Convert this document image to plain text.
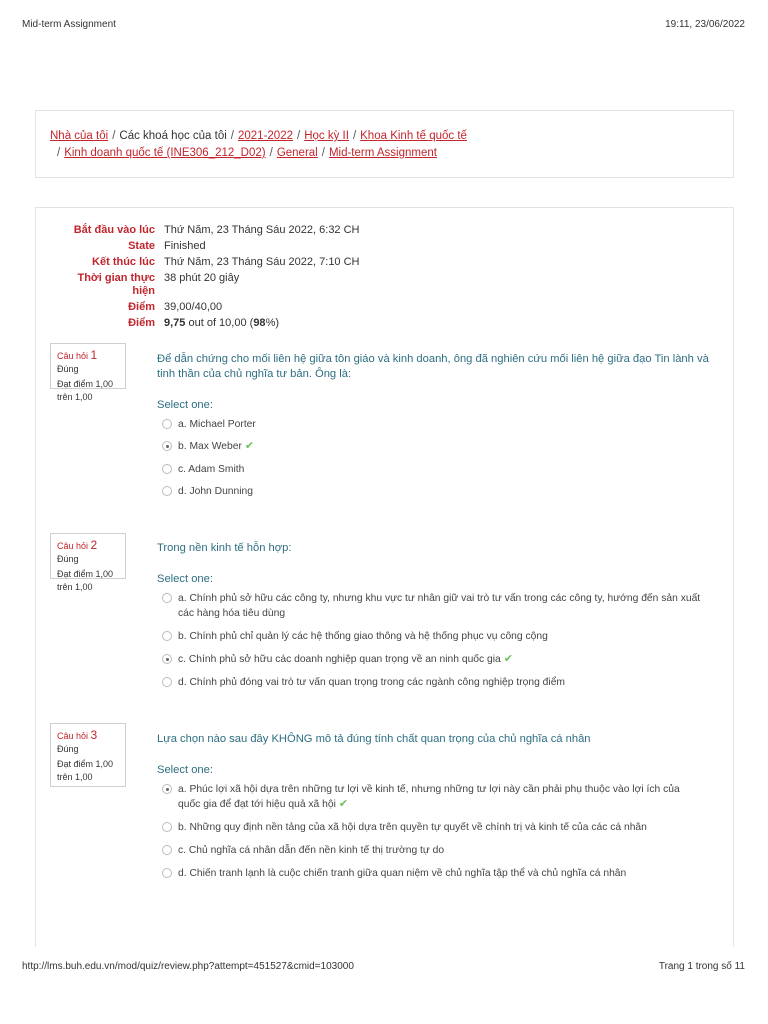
Mid-term Assignment	19:11, 23/06/2022
Nhà của tôi / Các khoá học của tôi / 2021-2022 / Học kỳ II / Khoa Kinh tế quốc tế
/ Kinh doanh quốc tế (INE306_212_D02) / General / Mid-term Assignment
Bắt đầu vào lúc Thứ Năm, 23 Tháng Sáu 2022, 6:32 CH
State Finished
Kết thúc lúc Thứ Năm, 23 Tháng Sáu 2022, 7:10 CH
Thời gian thực hiện
38 phút 20 giây
Điểm 39,00/40,00
Điểm 9,75 out of 10,00 (98%)
Câu hỏi 1
Đúng
Đạt điểm 1,00 trên 1,00
Để dẫn chứng cho mối liên hệ giữa tôn giáo và kinh doanh, ông đã nghiên cứu mối liên hệ giữa đạo Tin lành và tinh thần của chủ nghĩa tư bản. Ông là:
Select one:
a. Michael Porter
b. Max Weber ✔
c. Adam Smith
d. John Dunning
Câu hỏi 2
Đúng
Đạt điểm 1,00 trên 1,00
Trong nền kinh tế hỗn hợp:
Select one:
a. Chính phủ sở hữu các công ty, nhưng khu vực tư nhân giữ vai trò tư vấn trong các công ty, hướng đến sản xuất các hàng hóa tiêu dùng
b. Chính phủ chỉ quản lý các hệ thống giao thông và hệ thống phục vụ công cộng
c. Chính phủ sở hữu các doanh nghiệp quan trọng về an ninh quốc gia ✔
d. Chính phủ đóng vai trò tư vấn quan trọng trong các ngành công nghiệp trọng điểm
Câu hỏi 3
Đúng
Đạt điểm 1,00 trên 1,00
Lựa chọn nào sau đây KHÔNG mô tả đúng tính chất quan trọng của chủ nghĩa cá nhân
Select one:
a. Phúc lợi xã hội dựa trên những tư lợi về kinh tế, nhưng những tư lợi này cần phải phụ thuộc vào lợi ích của quốc gia để đạt tới hiệu quả xã hội ✔
b. Những quy định nền tảng của xã hội dựa trên quyền tự quyết về chính trị và kinh tế của các cá nhân
c. Chủ nghĩa cá nhân dẫn đến nền kinh tế thị trường tự do
d. Chiến tranh lạnh là cuộc chiến tranh giữa quan niệm về chủ nghĩa tập thể và chủ nghĩa cá nhân
http://lms.buh.edu.vn/mod/quiz/review.php?attempt=451527&cmid=103000	Trang 1 trong số 11
